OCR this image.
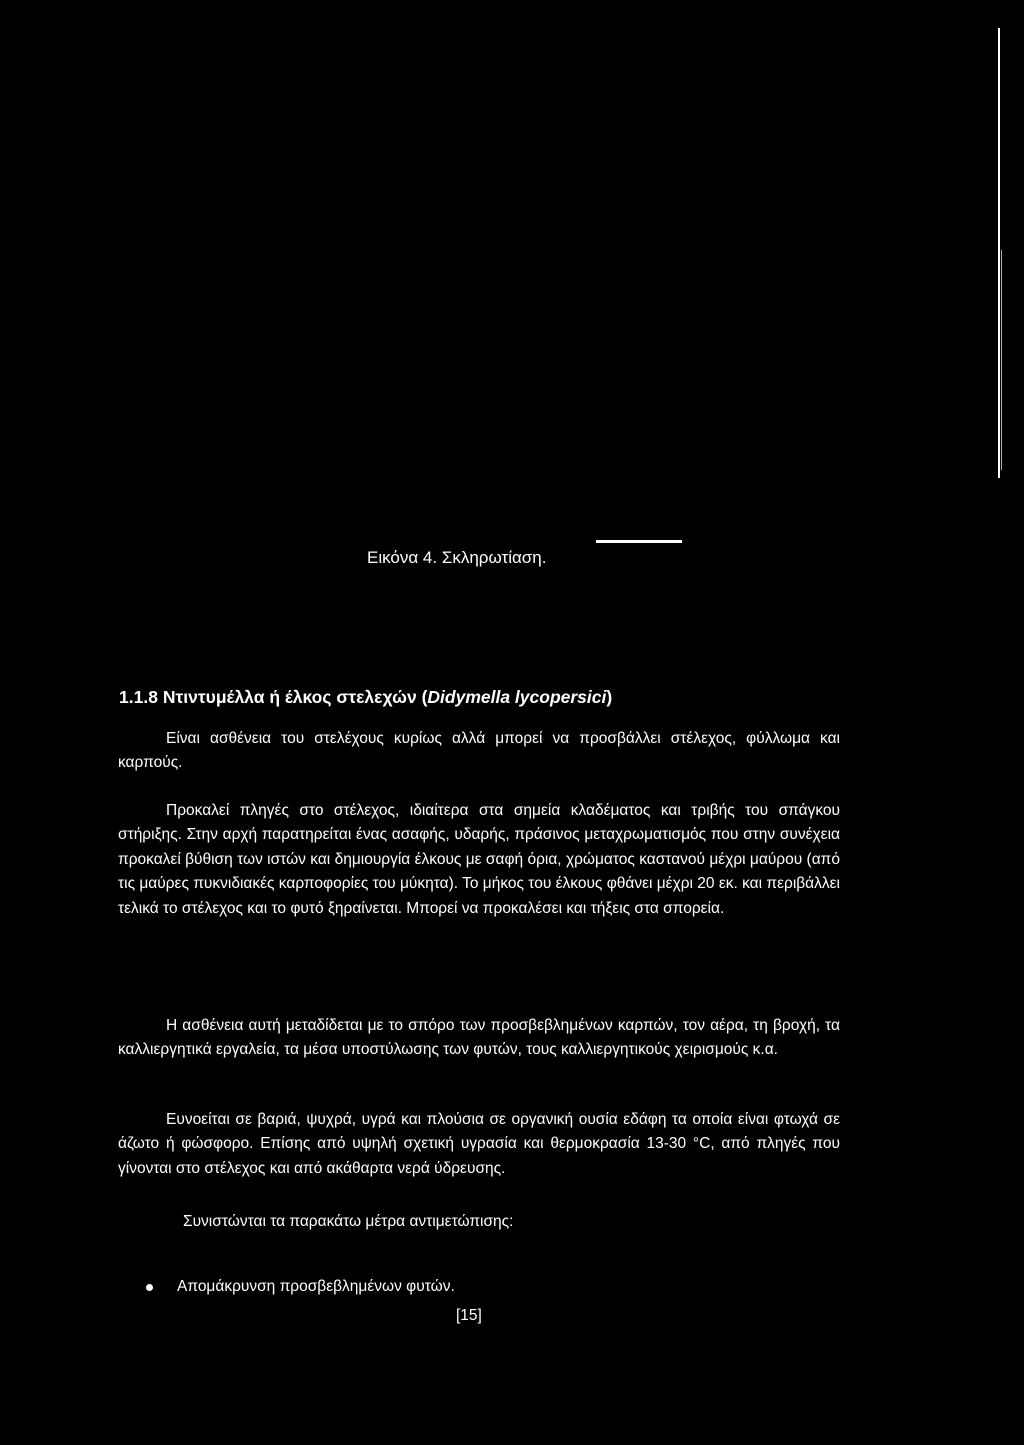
Εικόνα 4. Σκληρωτίαση.
1.1.8 Ντιντυμέλλα ή έλκος στελεχών (Didymella lycopersici)

Είναι ασθένεια του στελέχους κυρίως αλλά μπορεί να προσβάλλει στέλεχος, φύλλωμα και καρπούς.

Προκαλεί πληγές στο στέλεχος, ιδιαίτερα στα σημεία κλαδέματος και τριβής του σπάγκου στήριξης. Στην αρχή παρατηρείται ένας ασαφής, υδαρής, πράσινος μεταχρωματισμός που στην συνέχεια προκαλεί βύθιση των ιστών και δημιουργία έλκους με σαφή όρια, χρώματος καστανού μέχρι μαύρου (από τις μαύρες πυκνιδιακές καρποφορίες του μύκητα). Το μήκος του έλκους φθάνει μέχρι 20 εκ. και περιβάλλει τελικά το στέλεχος και το φυτό ξηραίνεται. Μπορεί να προκαλέσει και τήξεις στα σπορεία.

Η ασθένεια αυτή μεταδίδεται με το σπόρο των προσβεβλημένων καρπών, τον αέρα, τη βροχή, τα καλλιεργητικά εργαλεία, τα μέσα υποστύλωσης των φυτών, τους καλλιεργητικούς χειρισμούς κ.α.

Ευνοείται σε βαριά, ψυχρά, υγρά και πλούσια σε οργανική ουσία εδάφη τα οποία είναι φτωχά σε άζωτο ή φώσφορο. Επίσης από υψηλή σχετική υγρασία και θερμοκρασία 13-30 °C, από πληγές που γίνονται στο στέλεχος και από ακάθαρτα νερά ύδρευσης.

Συνιστώνται τα παρακάτω μέτρα αντιμετώπισης:

Απομάκρυνση προσβεβλημένων φυτών.
[15]
